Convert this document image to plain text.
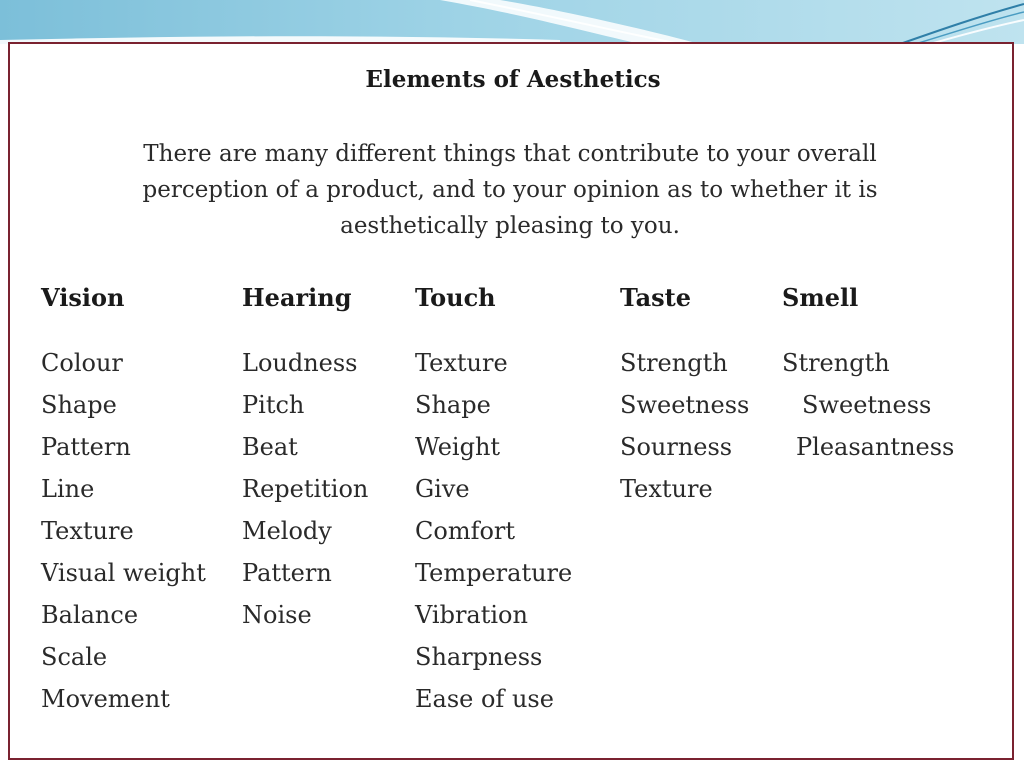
Elements of Aesthetics

There are many different things that contribute to your overall perception of a product, and to your opinion as to whether it is aesthetically pleasing to you.

Vision
Colour
Shape
Pattern
Line
Texture
Visual weight
Balance
Scale
Movement
Hearing
Loudness
Pitch
Beat
Repetition
Melody
Pattern
Noise
Touch
Texture
Shape
Weight
Give
Comfort
Temperature
Vibration
Sharpness
Ease of use
Taste
Strength
Sweetness
Sourness
Texture
Smell
Strength
Sweetness
Pleasantness
